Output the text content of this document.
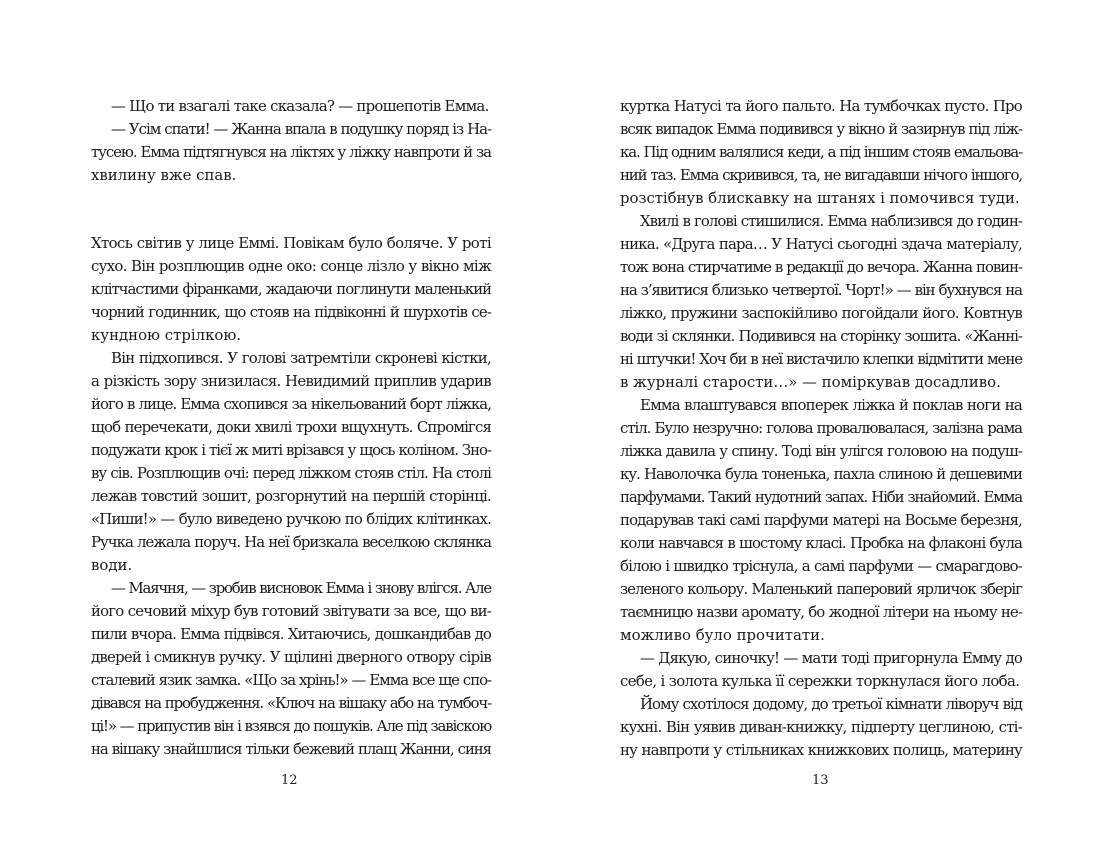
— Що ти взагалі таке сказала? — прошепотів Емма.
— Усім спати! — Жанна впала в подушку поряд із На-
тусею. Емма підтягнувся на ліктях у ліжку навпроти й за
хвилину вже спав.
Хтось світив у лице Еммі. Повікам було боляче. У роті
сухо. Він розплющив одне око: сонце лізло у вікно між
клітчастими фіранками, жадаючи поглинути маленький
чорний годинник, що стояв на підвіконні й шурхотів се-
кундною стрілкою.
Він підхопився. У голові затремтіли скроневі кістки,
а різкість зору знизилася. Невидимий приплив ударив
його в лице. Емма схопився за нікельований борт ліжка,
щоб перечекати, доки хвилі трохи вщухнуть. Спромігся
подужати крок і тієї ж миті врізався у щось коліном. Зно-
ву сів. Розплющив очі: перед ліжком стояв стіл. На столі
лежав товстий зошит, розгорнутий на першій сторінці.
«Пиши!» — було виведено ручкою по блідих клітинках.
Ручка лежала поруч. На неї бризкала веселкою склянка
води.
— Маячня, — зробив висновок Емма і знову влігся. Але
його сечовий міхур був готовий звітувати за все, що ви-
пили вчора. Емма підвівся. Хитаючись, дошкандибав до
дверей і смикнув ручку. У щілині дверного отвору сірів
сталевий язик замка. «Що за хрінь!» — Емма все ще спо-
дівався на пробудження. «Ключ на вішаку або на тумбоч-
ці!» — припустив він і взявся до пошуків. Але під завіскою
на вішаку знайшлися тільки бежевий плащ Жанни, синя
12
куртка Натусі та його пальто. На тумбочках пусто. Про
всяк випадок Емма подивився у вікно й зазирнув під ліж-
ка. Під одним валялися кеди, а під іншим стояв емальова-
ний таз. Емма скривився, та, не вигадавши нічого іншого,
розстібнув блискавку на штанях і помочився туди.
Хвилі в голові стишилися. Емма наблизився до годин-
ника. «Друга пара… У Натусі сьогодні здача матеріалу,
тож вона стирчатиме в редакції до вечора. Жанна повин-
на з’явитися близько четвертої. Чорт!» — він бухнувся на
ліжко, пружини заспокійливо погойдали його. Ковтнув
води зі склянки. Подивився на сторінку зошита. «Жанні-
ні штучки! Хоч би в неї вистачило клепки відмітити мене
в журналі старости…» — поміркував досадливо.
Емма влаштувався впоперек ліжка й поклав ноги на
стіл. Було незручно: голова провалювалася, залізна рама
ліжка давила у спину. Тоді він улігся головою на подуш-
ку. Наволочка була тоненька, пахла слиною й дешевими
парфумами. Такий нудотний запах. Ніби знайомий. Емма
подарував такі самі парфуми матері на Восьме березня,
коли навчався в шостому класі. Пробка на флаконі була
білою і швидко тріснула, а самі парфуми — смарагдово-
зеленого кольору. Маленький паперовий ярличок зберіг
таємницю назви аромату, бо жодної літери на ньому не-
можливо було прочитати.
— Дякую, синочку! — мати тоді пригорнула Емму до
себе, і золота кулька її сережки торкнулася його лоба.
Йому схотілося додому, до третьої кімнати ліворуч від
кухні. Він уявив диван-книжку, підперту цеглиною, сті-
ну навпроти у стільниках книжкових полиць, материну
13
